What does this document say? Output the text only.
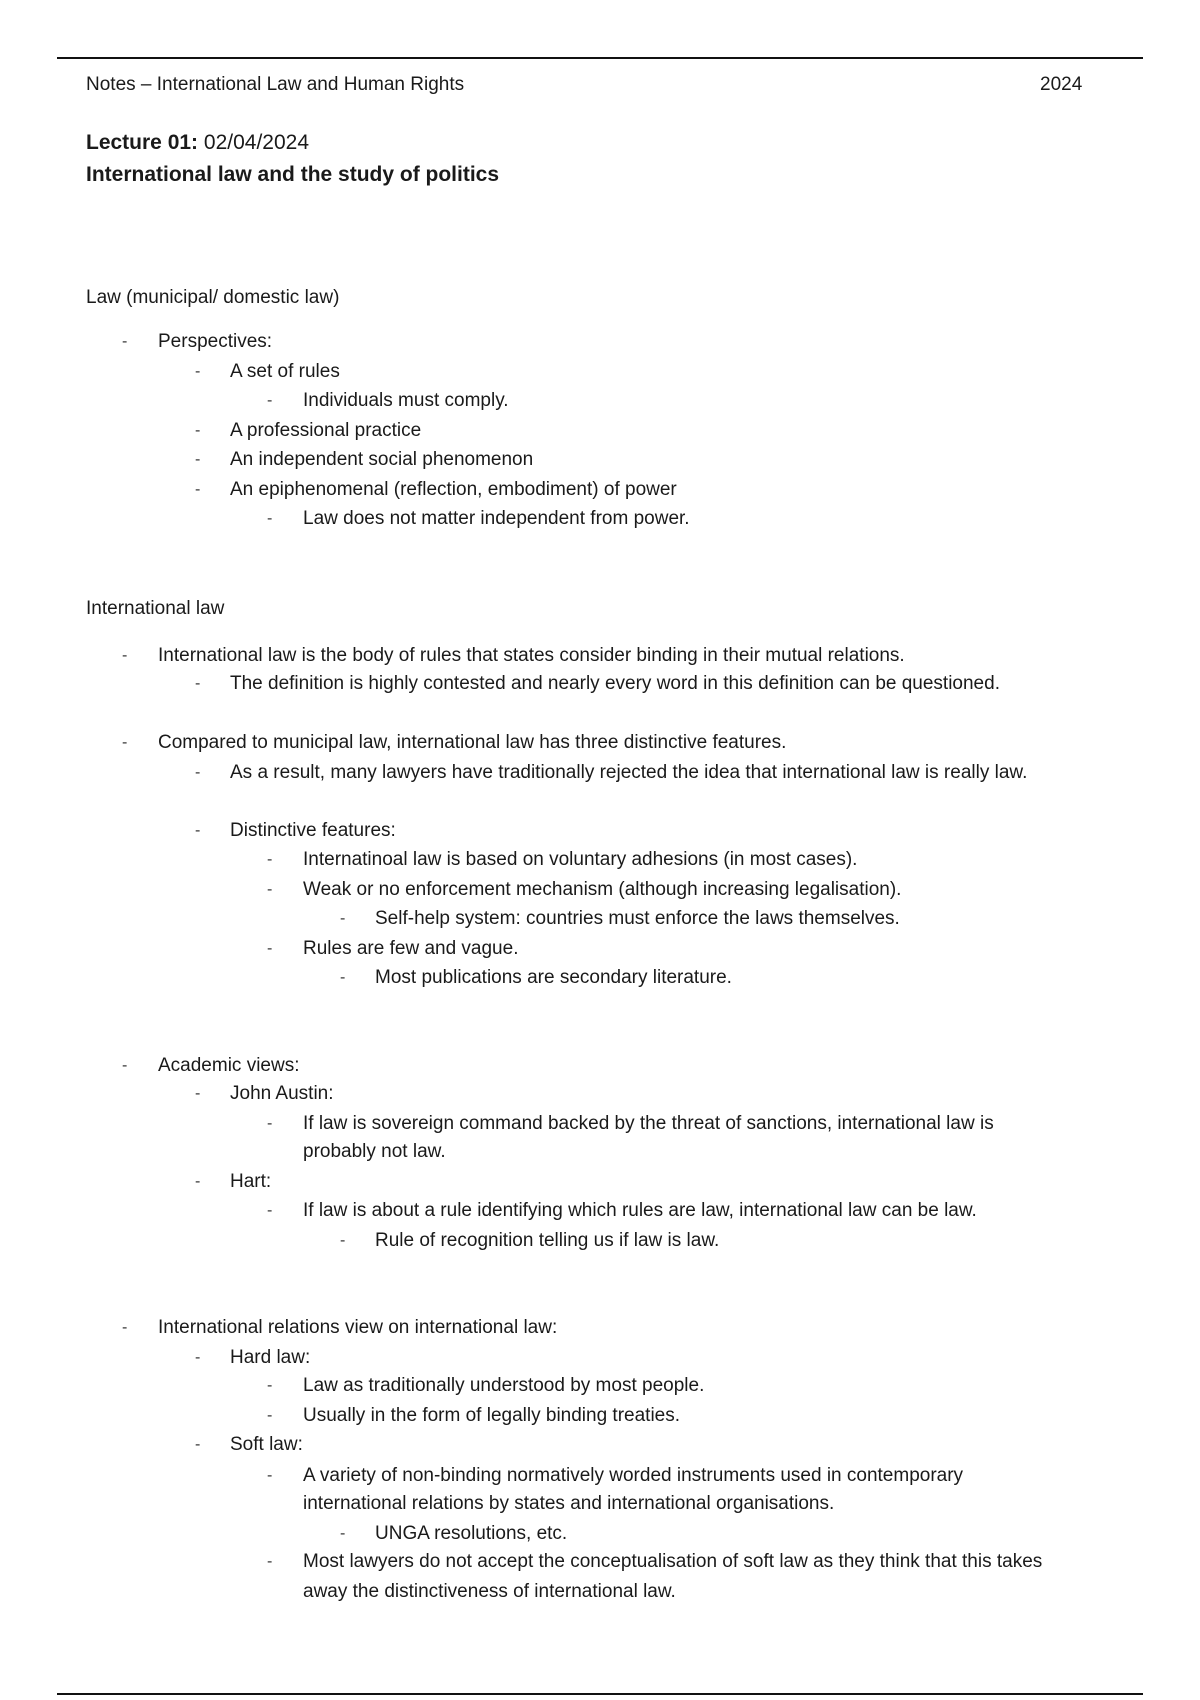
Notes – International Law and Human Rights	2024
Lecture 01: 02/04/2024
International law and the study of politics
Law (municipal/ domestic law)
- Perspectives:
- A set of rules
- Individuals must comply.
- A professional practice
- An independent social phenomenon
- An epiphenomenal (reflection, embodiment) of power
- Law does not matter independent from power.
International law
- International law is the body of rules that states consider binding in their mutual relations.
- The definition is highly contested and nearly every word in this definition can be questioned.
- Compared to municipal law, international law has three distinctive features.
- As a result, many lawyers have traditionally rejected the idea that international law is really law.
- Distinctive features:
- Internatinoal law is based on voluntary adhesions (in most cases).
- Weak or no enforcement mechanism (although increasing legalisation).
- Self-help system: countries must enforce the laws themselves.
- Rules are few and vague.
- Most publications are secondary literature.
- Academic views:
- John Austin:
- If law is sovereign command backed by the threat of sanctions, international law is
probably not law.
- Hart:
- If law is about a rule identifying which rules are law, international law can be law.
- Rule of recognition telling us if law is law.
- International relations view on international law:
- Hard law:
- Law as traditionally understood by most people.
- Usually in the form of legally binding treaties.
- Soft law:
- A variety of non-binding normatively worded instruments used in contemporary
international relations by states and international organisations.
- UNGA resolutions, etc.
- Most lawyers do not accept the conceptualisation of soft law as they think that this takes
away the distinctiveness of international law.
